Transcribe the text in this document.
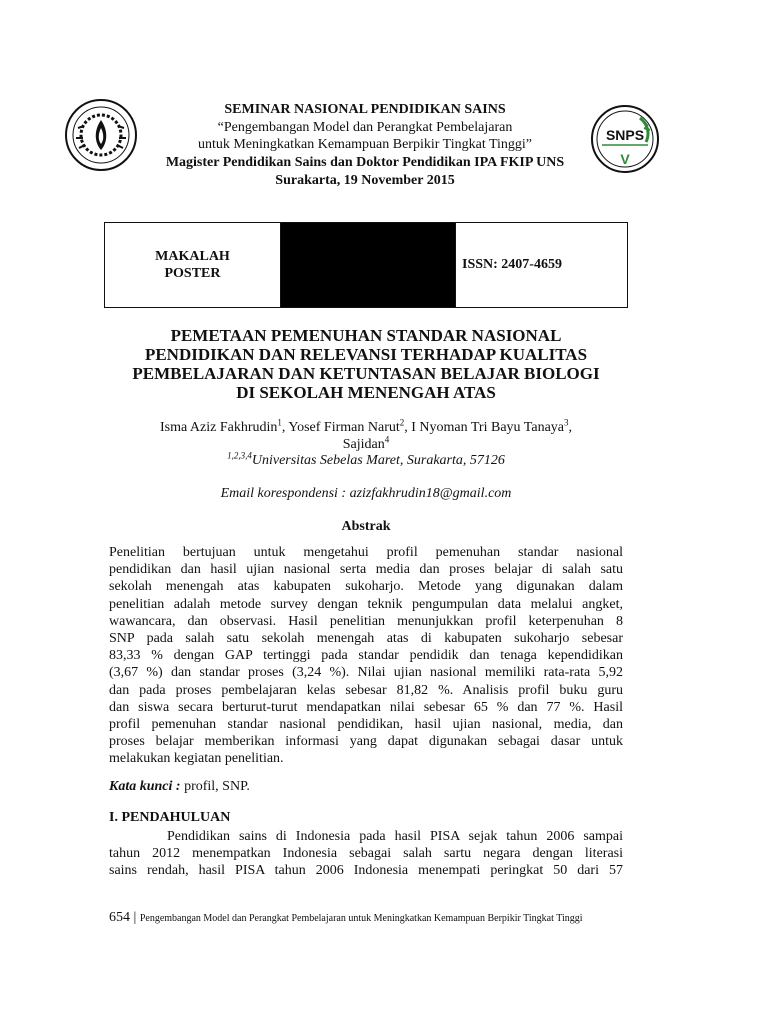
SNPS
V
SEMINAR NASIONAL PENDIDIKAN SAINS
“Pengembangan Model dan Perangkat Pembelajaran
untuk Meningkatkan Kemampuan Berpikir Tingkat Tinggi”
Magister Pendidikan Sains dan Doktor Pendidikan IPA FKIP UNS
Surakarta, 19 November 2015
MAKALAH
POSTER
ISSN: 2407-4659
PEMETAAN PEMENUHAN STANDAR NASIONAL
PENDIDIKAN DAN RELEVANSI TERHADAP KUALITAS
PEMBELAJARAN DAN KETUNTASAN BELAJAR BIOLOGI
DI SEKOLAH MENENGAH ATAS
Isma Aziz Fakhrudin$^1$, Yosef Firman Narut$^2$, I Nyoman Tri Bayu Tanaya$^3$,
Sajidan$^4$
$^{1,2,3,4}$Universitas Sebelas Maret, Surakarta, 57126
Email korespondensi : azizfakhrudin18@gmail.com
Abstrak
Penelitian bertujuan untuk mengetahui profil pemenuhan standar nasional
pendidikan dan hasil ujian nasional serta media dan proses belajar di salah satu
sekolah menengah atas kabupaten sukoharjo. Metode yang digunakan dalam
penelitian adalah metode survey dengan teknik pengumpulan data melalui angket,
wawancara, dan observasi. Hasil penelitian menunjukkan profil keterpenuhan 8
SNP pada salah satu sekolah menengah atas di kabupaten sukoharjo sebesar
83,33 % dengan GAP tertinggi pada standar pendidik dan tenaga kependidikan
(3,67 %) dan standar proses (3,24 %). Nilai ujian nasional memiliki rata-rata 5,92
dan pada proses pembelajaran kelas sebesar 81,82 %. Analisis profil buku guru
dan siswa secara berturut-turut mendapatkan nilai sebesar 65 % dan 77 %. Hasil
profil pemenuhan standar nasional pendidikan, hasil ujian nasional, media, dan
proses belajar memberikan informasi yang dapat digunakan sebagai dasar untuk
melakukan kegiatan penelitian.
Kata kunci : profil, SNP.
I. PENDAHULUAN
Pendidikan sains di Indonesia pada hasil PISA sejak tahun 2006 sampai
tahun 2012 menempatkan Indonesia sebagai salah sartu negara dengan literasi
sains rendah, hasil PISA tahun 2006 Indonesia menempati peringkat 50 dari 57
654 | Pengembangan Model dan Perangkat Pembelajaran untuk Meningkatkan Kemampuan Berpikir Tingkat Tinggi
